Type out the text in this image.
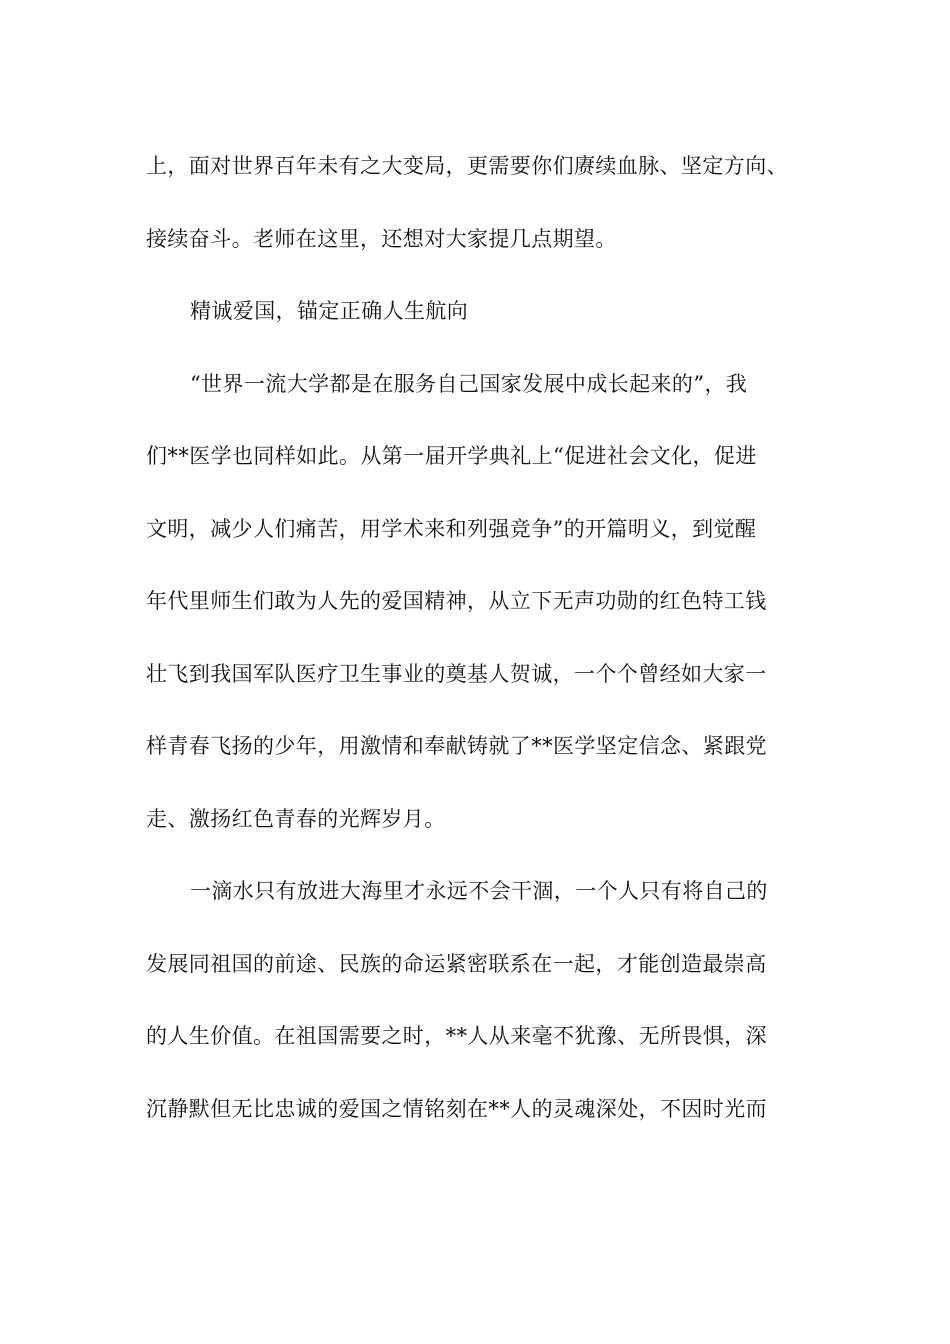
上，面对世界百年未有之大变局，更需要你们赓续血脉、坚定方向、
接续奋斗。老师在这里，还想对大家提几点期望。
精诚爱国，锚定正确人生航向
“世界一流大学都是在服务自己国家发展中成长起来的”，我
们**医学也同样如此。从第一届开学典礼上“促进社会文化，促进
文明，减少人们痛苦，用学术来和列强竞争”的开篇明义，到觉醒
年代里师生们敢为人先的爱国精神，从立下无声功勋的红色特工钱
壮飞到我国军队医疗卫生事业的奠基人贺诚，一个个曾经如大家一
样青春飞扬的少年，用激情和奉献铸就了**医学坚定信念、紧跟党
走、激扬红色青春的光辉岁月。
一滴水只有放进大海里才永远不会干涸，一个人只有将自己的
发展同祖国的前途、民族的命运紧密联系在一起，才能创造最崇高
的人生价值。在祖国需要之时，**人从来毫不犹豫、无所畏惧，深
沉静默但无比忠诚的爱国之情铭刻在**人的灵魂深处，不因时光而
